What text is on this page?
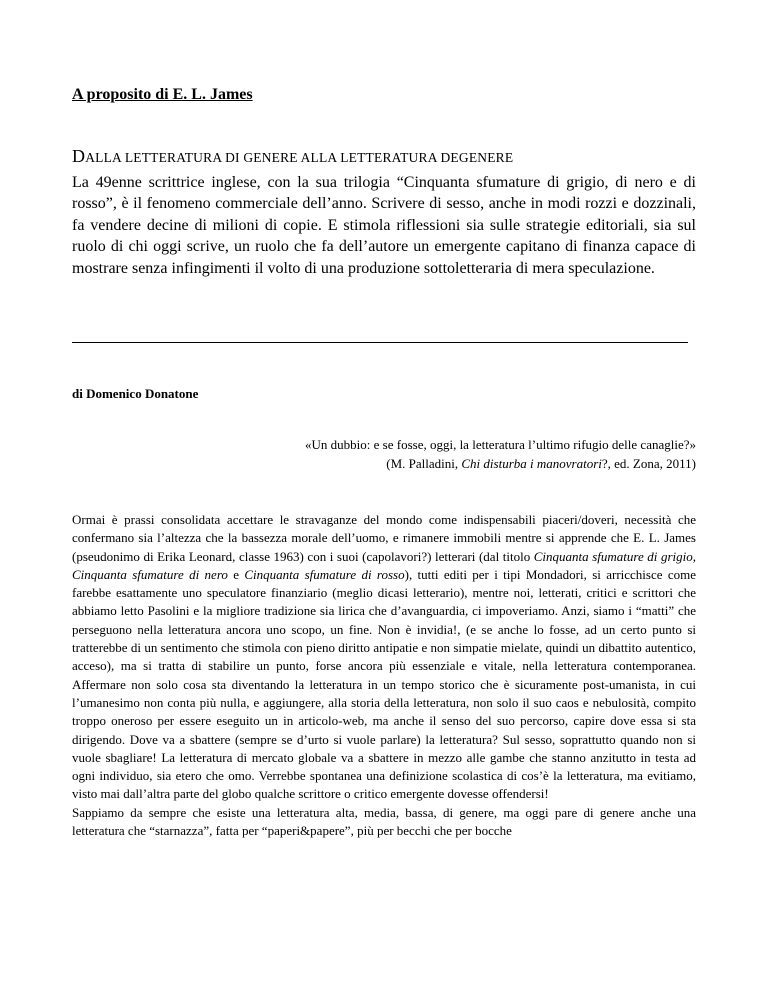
A proposito di E. L. James
DALLA LETTERATURA DI GENERE ALLA LETTERATURA DEGENERE

La 49enne scrittrice inglese, con la sua trilogia “Cinquanta sfumature di grigio, di nero e di rosso”, è il fenomeno commerciale dell’anno. Scrivere di sesso, anche in modi rozzi e dozzinali, fa vendere decine di milioni di copie. E stimola riflessioni sia sulle strategie editoriali, sia sul ruolo di chi oggi scrive, un ruolo che fa dell’autore un emergente capitano di finanza capace di mostrare senza infingimenti il volto di una produzione sottoletteraria di mera speculazione.

di Domenico Donatone
«Un dubbio: e se fosse, oggi, la letteratura l’ultimo rifugio delle canaglie?»
(M. Palladini, Chi disturba i manovratori?, ed. Zona, 2011)

Ormai è prassi consolidata accettare le stravaganze del mondo come indispensabili piaceri/doveri, necessità che confermano sia l’altezza che la bassezza morale dell’uomo, e rimanere immobili mentre si apprende che E. L. James (pseudonimo di Erika Leonard, classe 1963) con i suoi (capolavori?) letterari (dal titolo Cinquanta sfumature di grigio, Cinquanta sfumature di nero e Cinquanta sfumature di rosso), tutti editi per i tipi Mondadori, si arricchisce come farebbe esattamente uno speculatore finanziario (meglio dicasi letterario), mentre noi, letterati, critici e scrittori che abbiamo letto Pasolini e la migliore tradizione sia lirica che d’avanguardia, ci impoveriamo. Anzi, siamo i “matti” che perseguono nella letteratura ancora uno scopo, un fine. Non è invidia!, (e se anche lo fosse, ad un certo punto si tratterebbe di un sentimento che stimola con pieno diritto antipatie e non simpatie mielate, quindi un dibattito autentico, acceso), ma si tratta di stabilire un punto, forse ancora più essenziale e vitale, nella letteratura contemporanea. Affermare non solo cosa sta diventando la letteratura in un tempo storico che è sicuramente post-umanista, in cui l’umanesimo non conta più nulla, e aggiungere, alla storia della letteratura, non solo il suo caos e nebulosità, compito troppo oneroso per essere eseguito un in articolo-web, ma anche il senso del suo percorso, capire dove essa si sta dirigendo. Dove va a sbattere (sempre se d’urto si vuole parlare) la letteratura? Sul sesso, soprattutto quando non si vuole sbagliare! La letteratura di mercato globale va a sbattere in mezzo alle gambe che stanno anzitutto in testa ad ogni individuo, sia etero che omo. Verrebbe spontanea una definizione scolastica di cos’è la letteratura, ma evitiamo, visto mai dall’altra parte del globo qualche scrittore o critico emergente dovesse offendersi!

Sappiamo da sempre che esiste una letteratura alta, media, bassa, di genere, ma oggi pare di genere anche una letteratura che “starnazza”, fatta per “paperi&papere”, più per becchi che per bocche
